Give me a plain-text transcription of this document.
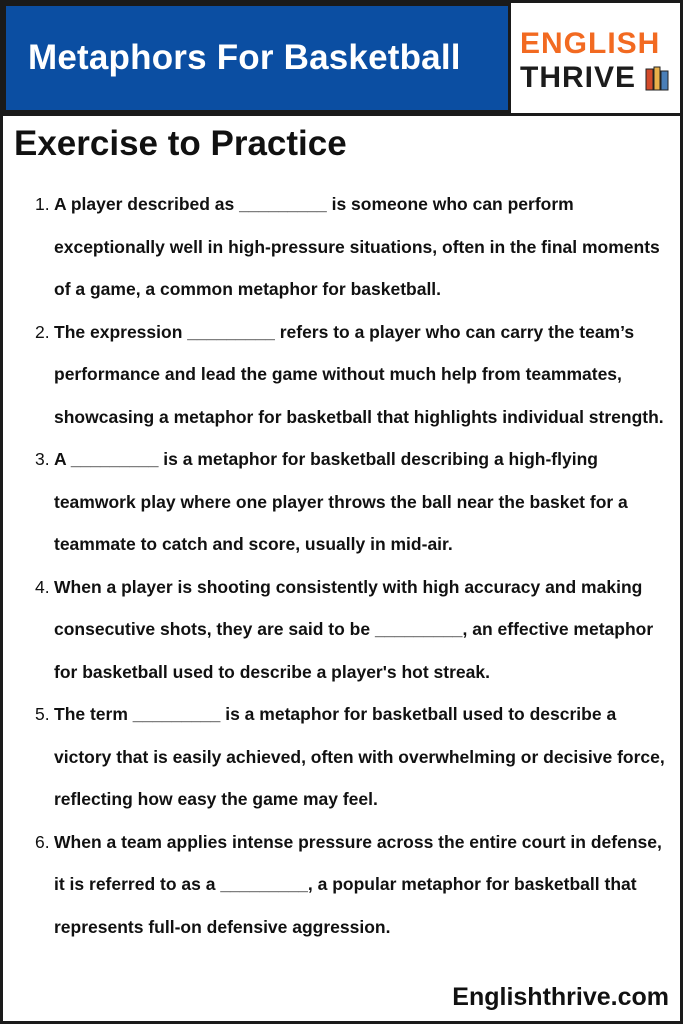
Metaphors For Basketball ENGLISH
THRIVE
Exercise to Practice
1. A player described as _________ is someone who can perform exceptionally well in high-pressure situations, often in the final moments of a game, a common metaphor for basketball.
2. The expression _________ refers to a player who can carry the team’s performance and lead the game without much help from teammates, showcasing a metaphor for basketball that highlights individual strength.
3. A _________ is a metaphor for basketball describing a high-flying teamwork play where one player throws the ball near the basket for a teammate to catch and score, usually in mid-air.
4. When a player is shooting consistently with high accuracy and making consecutive shots, they are said to be _________, an effective metaphor for basketball used to describe a player's hot streak.
5. The term _________ is a metaphor for basketball used to describe a victory that is easily achieved, often with overwhelming or decisive force, reflecting how easy the game may feel.
6. When a team applies intense pressure across the entire court in defense, it is referred to as a _________, a popular metaphor for basketball that represents full-on defensive aggression.
Englishthrive.com
